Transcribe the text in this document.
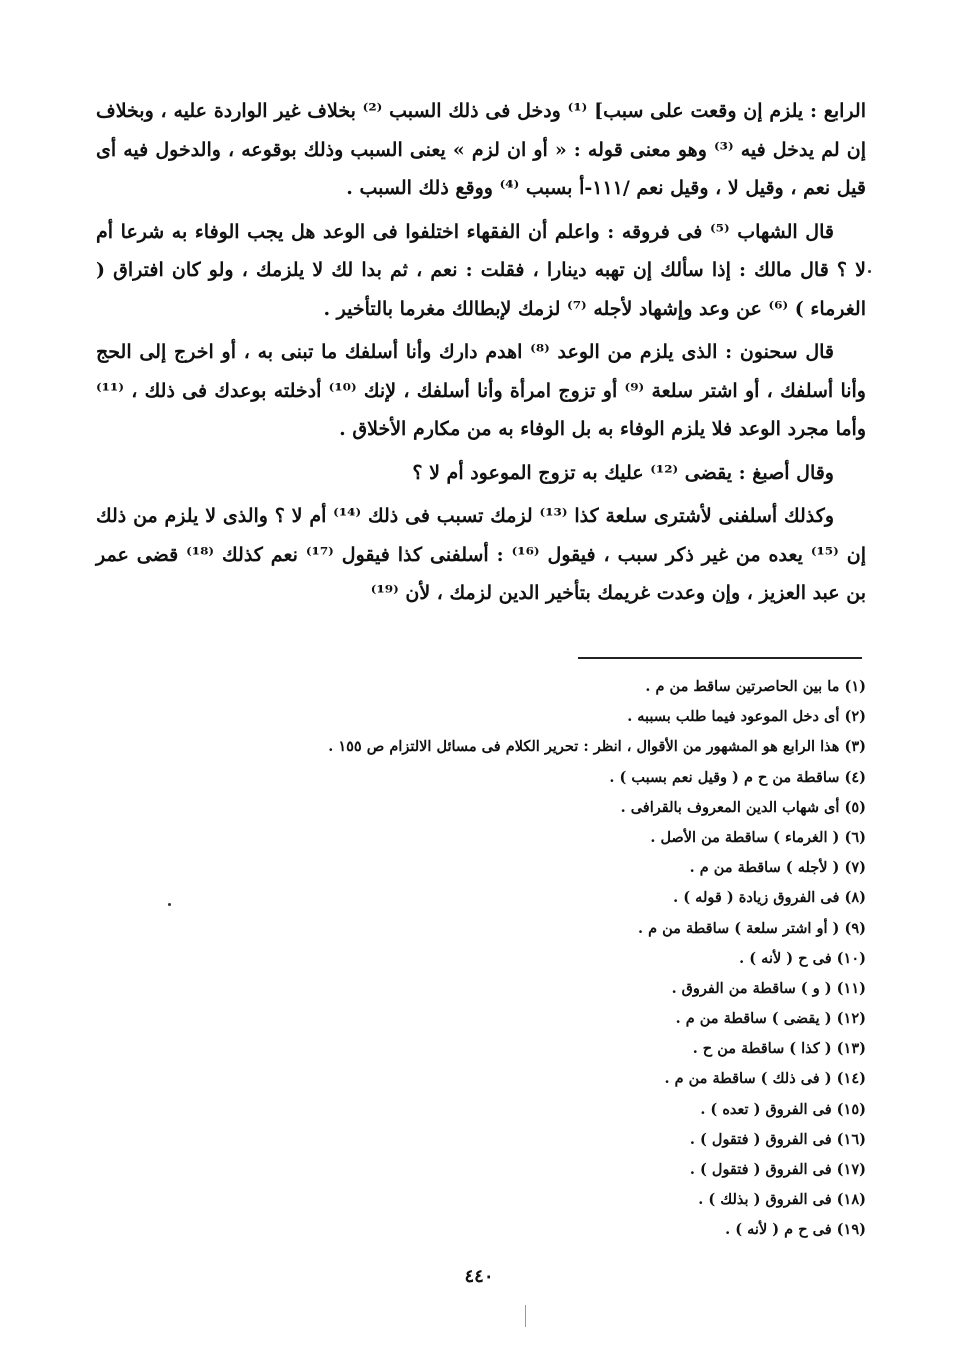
الرابع : يلزم إن وقعت على سبب] ⁽¹⁾ ودخل فى ذلك السبب ⁽²⁾ بخلاف غير الواردة عليه ، وبخلاف إن لم يدخل فيه ⁽³⁾ وهو معنى قوله : « أو ان لزم » يعنى السبب وذلك بوقوعه ، والدخول فيه أى قيل نعم ، وقيل لا ، وقيل نعم /١١١-أ بسبب ⁽⁴⁾ ووقع ذلك السبب .

قال الشهاب ⁽⁵⁾ فى فروقه : واعلم أن الفقهاء اختلفوا فى الوعد هل يجب الوفاء به شرعا أم لا ؟ قال مالك : إذا سألك إن تهبه دينارا ، فقلت : نعم ، ثم بدا لك لا يلزمك ، ولو كان افتراق ( الغرماء ) ⁽⁶⁾ عن وعد وإشهاد لأجله ⁽⁷⁾ لزمك لإبطالك مغرما بالتأخير .

قال سحنون : الذى يلزم من الوعد ⁽⁸⁾ اهدم دارك وأنا أسلفك ما تبنى به ، أو اخرج إلى الحج وأنا أسلفك ، أو اشتر سلعة ⁽⁹⁾ أو تزوج امرأة وأنا أسلفك ، لإنك ⁽¹⁰⁾ أدخلته بوعدك فى ذلك ، ⁽¹¹⁾ وأما مجرد الوعد فلا يلزم الوفاء به بل الوفاء به من مكارم الأخلاق .

وقال أصبغ : يقضى ⁽¹²⁾ عليك به تزوج الموعود أم لا ؟

وكذلك أسلفنى لأشترى سلعة كذا ⁽¹³⁾ لزمك تسبب فى ذلك ⁽¹⁴⁾ أم لا ؟ والذى لا يلزم من ذلك إن ⁽¹⁵⁾ يعده من غير ذكر سبب ، فيقول ⁽¹⁶⁾ : أسلفنى كذا فيقول ⁽¹⁷⁾ نعم كذلك ⁽¹⁸⁾ قضى عمر بن عبد العزيز ، وإن وعدت غريمك بتأخير الدين لزمك ، لأن ⁽¹⁹⁾

(١) ما بين الحاصرتين ساقط من م .
(٢) أى دخل الموعود فيما طلب بسببه .
(٣) هذا الرابع هو المشهور من الأقوال ، انظر : تحرير الكلام فى مسائل الالتزام ص ١٥٥ .
(٤) ساقطة من ح م ( وقيل نعم بسبب ) .
(٥) أى شهاب الدين المعروف بالقرافى .
(٦) ( الغرماء ) ساقطة من الأصل .
(٧) ( لأجله ) ساقطة من م .
(٨) فى الفروق زيادة ( قوله ) .
(٩) ( أو اشتر سلعة ) ساقطة من م .
(١٠) فى ح ( لأنه ) .
(١١) ( و ) ساقطة من الفروق .
(١٢) ( يقضى ) ساقطة من م .
(١٣) ( كذا ) ساقطة من ح .
(١٤) ( فى ذلك ) ساقطة من م .
(١٥) فى الفروق ( تعده ) .
(١٦) فى الفروق ( فتقول ) .
(١٧) فى الفروق ( فتقول ) .
(١٨) فى الفروق ( بذلك ) .
(١٩) فى ح م ( لأنه ) .
٤٤٠
